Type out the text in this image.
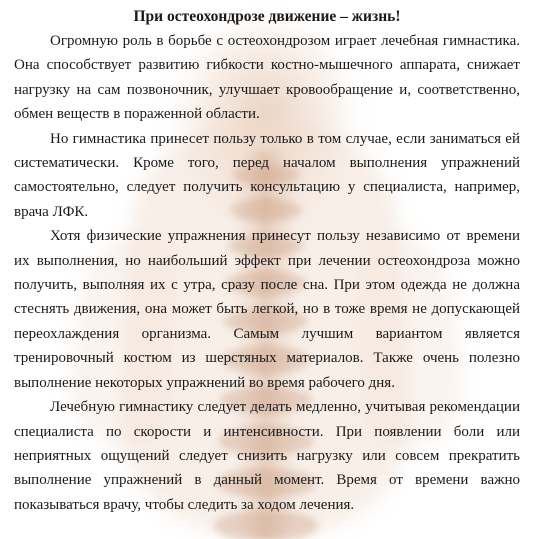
При остеохондрозе движение – жизнь!

Огромную роль в борьбе с остеохондрозом играет лечебная гимнастика. Она способствует развитию гибкости костно-мышечного аппарата, снижает нагрузку на сам позвоночник, улучшает кровообращение и, соответственно, обмен веществ в пораженной области.

Но гимнастика принесет пользу только в том случае, если заниматься ей систематически. Кроме того, перед началом выполнения упражнений самостоятельно, следует получить консультацию у специалиста, например, врача ЛФК.

Хотя физические упражнения принесут пользу независимо от времени их выполнения, но наибольший эффект при лечении остеохондроза можно получить, выполняя их с утра, сразу после сна. При этом одежда не должна стеснять движения, она может быть легкой, но в тоже время не допускающей переохлаждения организма. Самым лучшим вариантом является тренировочный костюм из шерстяных материалов. Также очень полезно выполнение некоторых упражнений во время рабочего дня.

Лечебную гимнастику следует делать медленно, учитывая рекомендации специалиста по скорости и интенсивности. При появлении боли или неприятных ощущений следует снизить нагрузку или совсем прекратить выполнение упражнений в данный момент. Время от времени важно показываться врачу, чтобы следить за ходом лечения.
